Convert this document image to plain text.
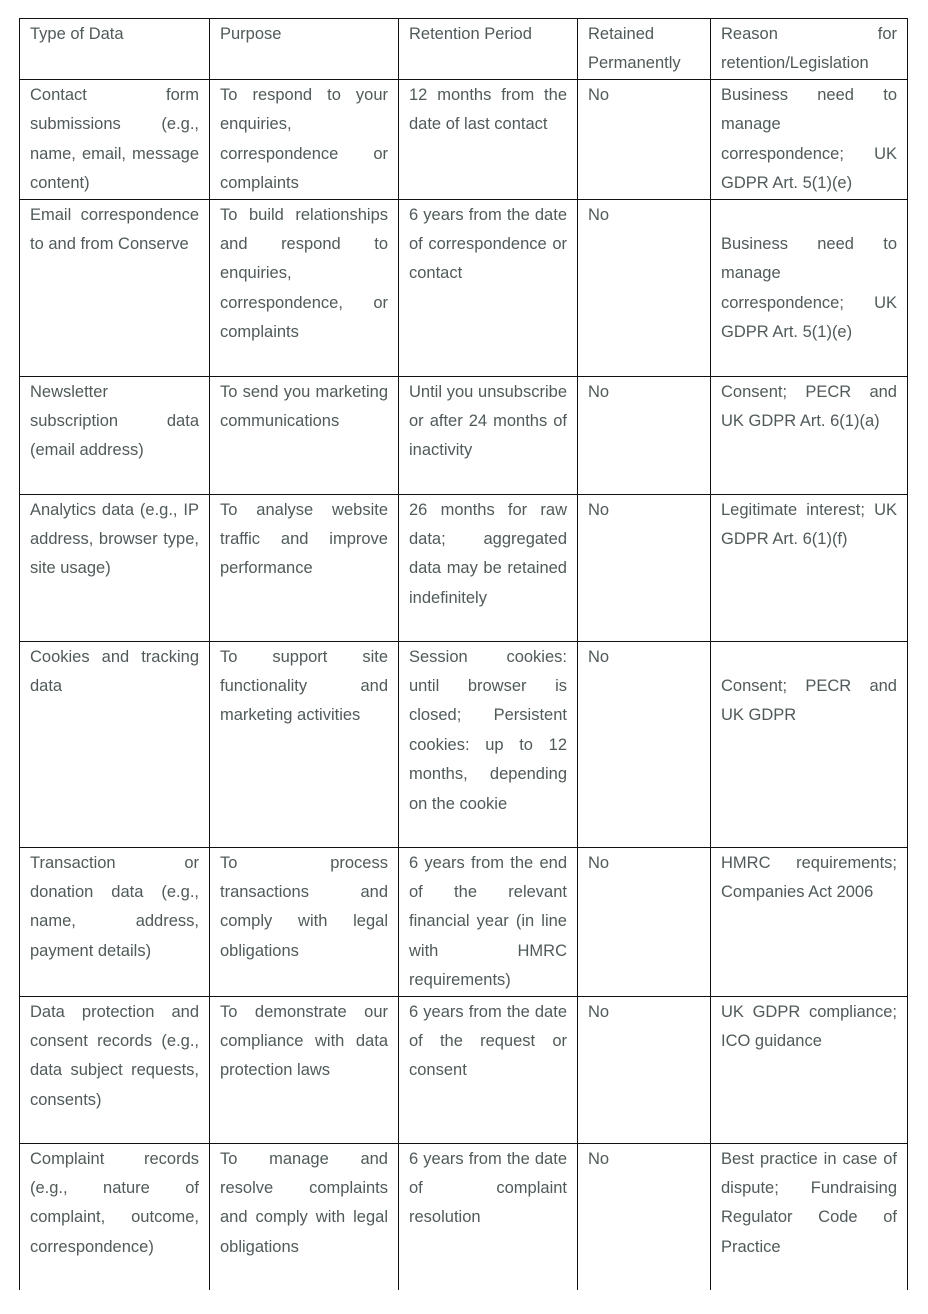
Type of Data	Purpose	Retention Period	Retained Permanently	Reason for retention/Legislation
Contact form submissions (e.g., name, email, message content)	To respond to your enquiries, correspondence or complaints	12 months from the date of last contact	No	Business need to manage correspondence; UK GDPR Art. 5(1)(e)
Email correspondence to and from Conserve	To build relationships and respond to enquiries, correspondence, or complaints	6 years from the date of correspondence or contact	No	Business need to manage correspondence; UK GDPR Art. 5(1)(e)
Newsletter subscription data (email address)	To send you marketing communications	Until you unsubscribe or after 24 months of inactivity	No	Consent; PECR and UK GDPR Art. 6(1)(a)
Analytics data (e.g., IP address, browser type, site usage)	To analyse website traffic and improve performance	26 months for raw data; aggregated data may be retained indefinitely	No	Legitimate interest; UK GDPR Art. 6(1)(f)
Cookies and tracking data	To support site functionality and marketing activities	Session cookies: until browser is closed; Persistent cookies: up to 12 months, depending on the cookie	No	Consent; PECR and UK GDPR
Transaction or donation data (e.g., name, address, payment details)	To process transactions and comply with legal obligations	6 years from the end of the relevant financial year (in line with HMRC requirements)	No	HMRC requirements; Companies Act 2006
Data protection and consent records (e.g., data subject requests, consents)	To demonstrate our compliance with data protection laws	6 years from the date of the request or consent	No	UK GDPR compliance; ICO guidance
Complaint records (e.g., nature of complaint, outcome, correspondence)	To manage and resolve complaints and comply with legal obligations	6 years from the date of complaint resolution	No	Best practice in case of dispute; Fundraising Regulator Code of Practice
